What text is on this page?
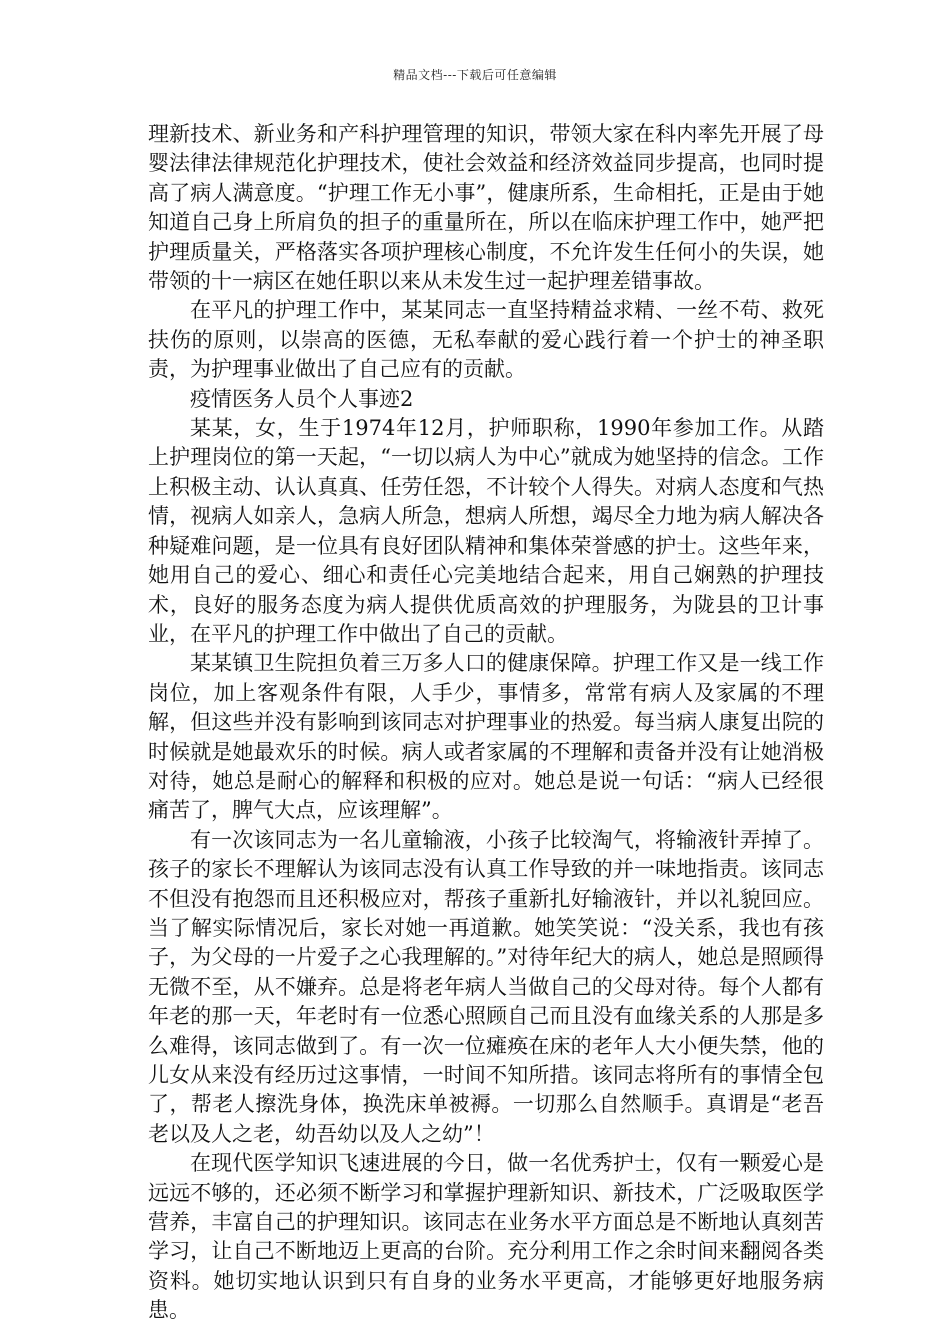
精品文档---下载后可任意编辑

理新技术、新业务和产科护理管理的知识，带领大家在科内率先开展了母婴法律法律规范化护理技术，使社会效益和经济效益同步提高，也同时提高了病人满意度。“护理工作无小事”，健康所系，生命相托，正是由于她知道自己身上所肩负的担子的重量所在，所以在临床护理工作中，她严把护理质量关，严格落实各项护理核心制度，不允许发生任何小的失误，她带领的十一病区在她任职以来从未发生过一起护理差错事故。

在平凡的护理工作中，某某同志一直坚持精益求精、一丝不苟、救死扶伤的原则，以崇高的医德，无私奉献的爱心践行着一个护士的神圣职责，为护理事业做出了自己应有的贡献。

疫情医务人员个人事迹2

某某，女，生于1974年12月，护师职称，1990年参加工作。从踏上护理岗位的第一天起，“一切以病人为中心”就成为她坚持的信念。工作上积极主动、认认真真、任劳任怨，不计较个人得失。对病人态度和气热情，视病人如亲人，急病人所急，想病人所想，竭尽全力地为病人解决各种疑难问题，是一位具有良好团队精神和集体荣誉感的护士。这些年来，她用自己的爱心、细心和责任心完美地结合起来，用自己娴熟的护理技术，良好的服务态度为病人提供优质高效的护理服务，为陇县的卫计事业，在平凡的护理工作中做出了自己的贡献。

某某镇卫生院担负着三万多人口的健康保障。护理工作又是一线工作岗位，加上客观条件有限，人手少，事情多，常常有病人及家属的不理解，但这些并没有影响到该同志对护理事业的热爱。每当病人康复出院的时候就是她最欢乐的时候。病人或者家属的不理解和责备并没有让她消极对待，她总是耐心的解释和积极的应对。她总是说一句话：“病人已经很痛苦了，脾气大点，应该理解”。

有一次该同志为一名儿童输液，小孩子比较淘气，将输液针弄掉了。孩子的家长不理解认为该同志没有认真工作导致的并一味地指责。该同志不但没有抱怨而且还积极应对，帮孩子重新扎好输液针，并以礼貌回应。当了解实际情况后，家长对她一再道歉。她笑笑说：“没关系，我也有孩子，为父母的一片爱子之心我理解的。”对待年纪大的病人，她总是照顾得无微不至，从不嫌弃。总是将老年病人当做自己的父母对待。每个人都有年老的那一天，年老时有一位悉心照顾自己而且没有血缘关系的人那是多么难得，该同志做到了。有一次一位瘫痪在床的老年人大小便失禁，他的儿女从来没有经历过这事情，一时间不知所措。该同志将所有的事情全包了，帮老人擦洗身体，换洗床单被褥。一切那么自然顺手。真谓是“老吾老以及人之老，幼吾幼以及人之幼”！

在现代医学知识飞速进展的今日，做一名优秀护士，仅有一颗爱心是远远不够的，还必须不断学习和掌握护理新知识、新技术，广泛吸取医学营养，丰富自己的护理知识。该同志在业务水平方面总是不断地认真刻苦学习，让自己不断地迈上更高的台阶。充分利用工作之余时间来翻阅各类资料。她切实地认识到只有自身的业务水平更高，才能够更好地服务病患。
